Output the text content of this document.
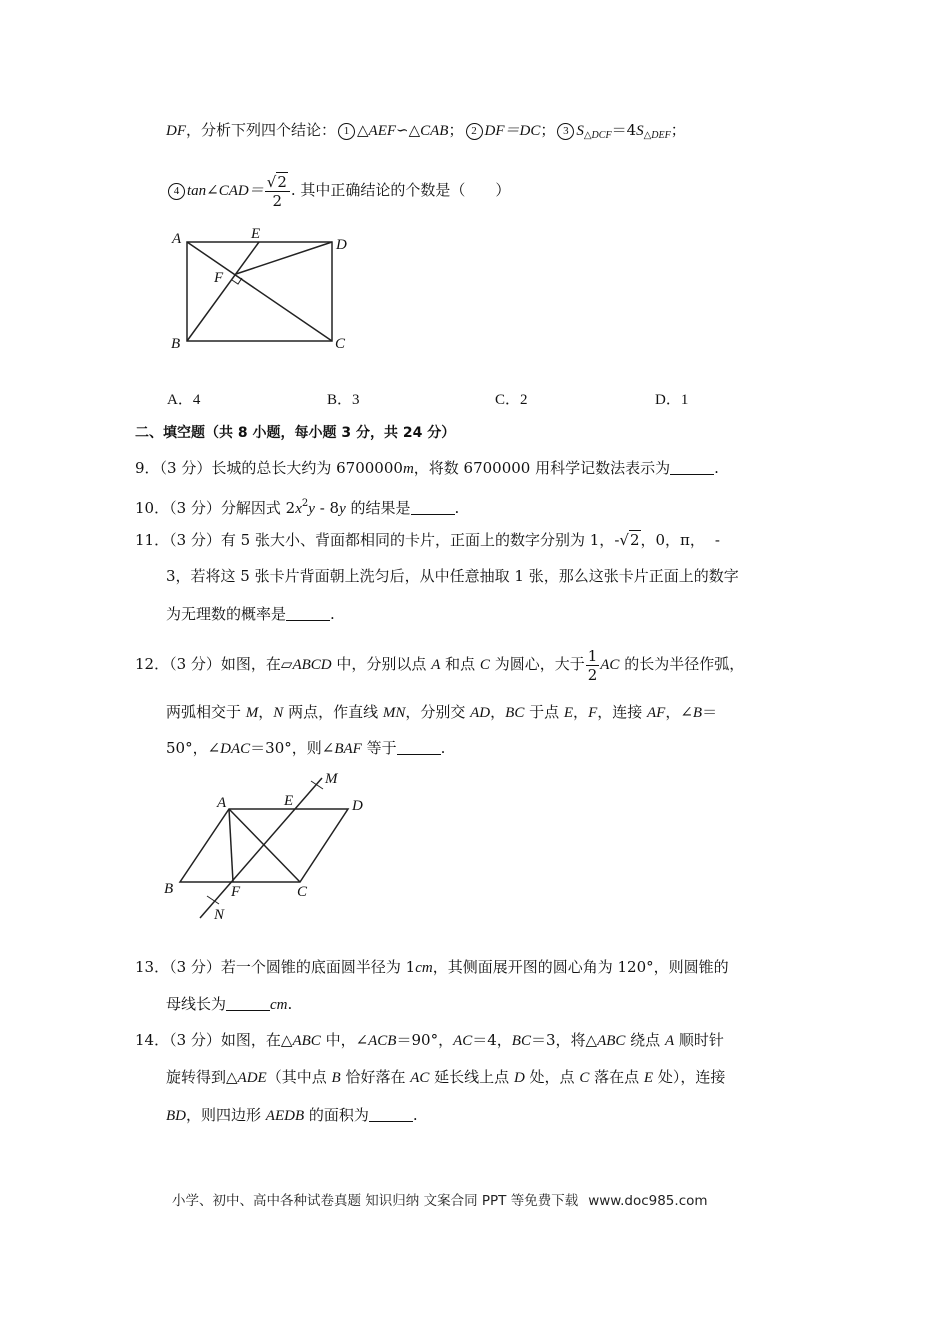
DF，分析下列四个结论： 1 △AEF∽△CAB； 2 DF＝DC； 3 $S_{\triangle DCF}=4S_{\triangle DEF}$；
4 tan∠CAD＝ $\frac{√2}{2}$ . 其中正确结论的个数是（　　）
A	E
D
F
B	C
A．4	B．3	C．2	D．1
二、填空题（共 8 小题，每小题 3 分，共 24 分）
9．（3 分）长城的总长大约为 6700000m，将数 6700000 用科学记数法表示为	.
10．（3 分）分解因式 $2x^2y - 8y$ 的结果是	.
11．（3 分）有 5 张大小、背面都相同的卡片，正面上的数字分别为 1，-√2，0，π， -
3，若将这 5 张卡片背面朝上洗匀后，从中任意抽取 1 张，那么这张卡片正面上的数字
为无理数的概率是	.
12．（3 分）如图，在▱ABCD 中，分别以点 A 和点 C 为圆心，大于 $\frac{1}{2}$ AC 的长为半径作弧，
两弧相交于 M，N 两点，作直线 MN，分别交 AD，BC 于点 E，F，连接 AF，∠B＝
50°，∠DAC＝30°，则∠BAF 等于	.
A	E	D
M
B	F	C
N
13．（3 分）若一个圆锥的底面圆半径为 1cm，其侧面展开图的圆心角为 120°，则圆锥的
母线长为	cm.
14．（3 分）如图，在△ABC 中，∠ACB＝90°，AC＝4，BC＝3，将△ABC 绕点 A 顺时针
旋转得到△ADE（其中点 B 恰好落在 AC 延长线上点 D 处，点 C 落在点 E 处），连接
BD，则四边形 AEDB 的面积为	.
小学、初中、高中各种试卷真题 知识归纳 文案合同 PPT 等免费下载 www.doc985.com
